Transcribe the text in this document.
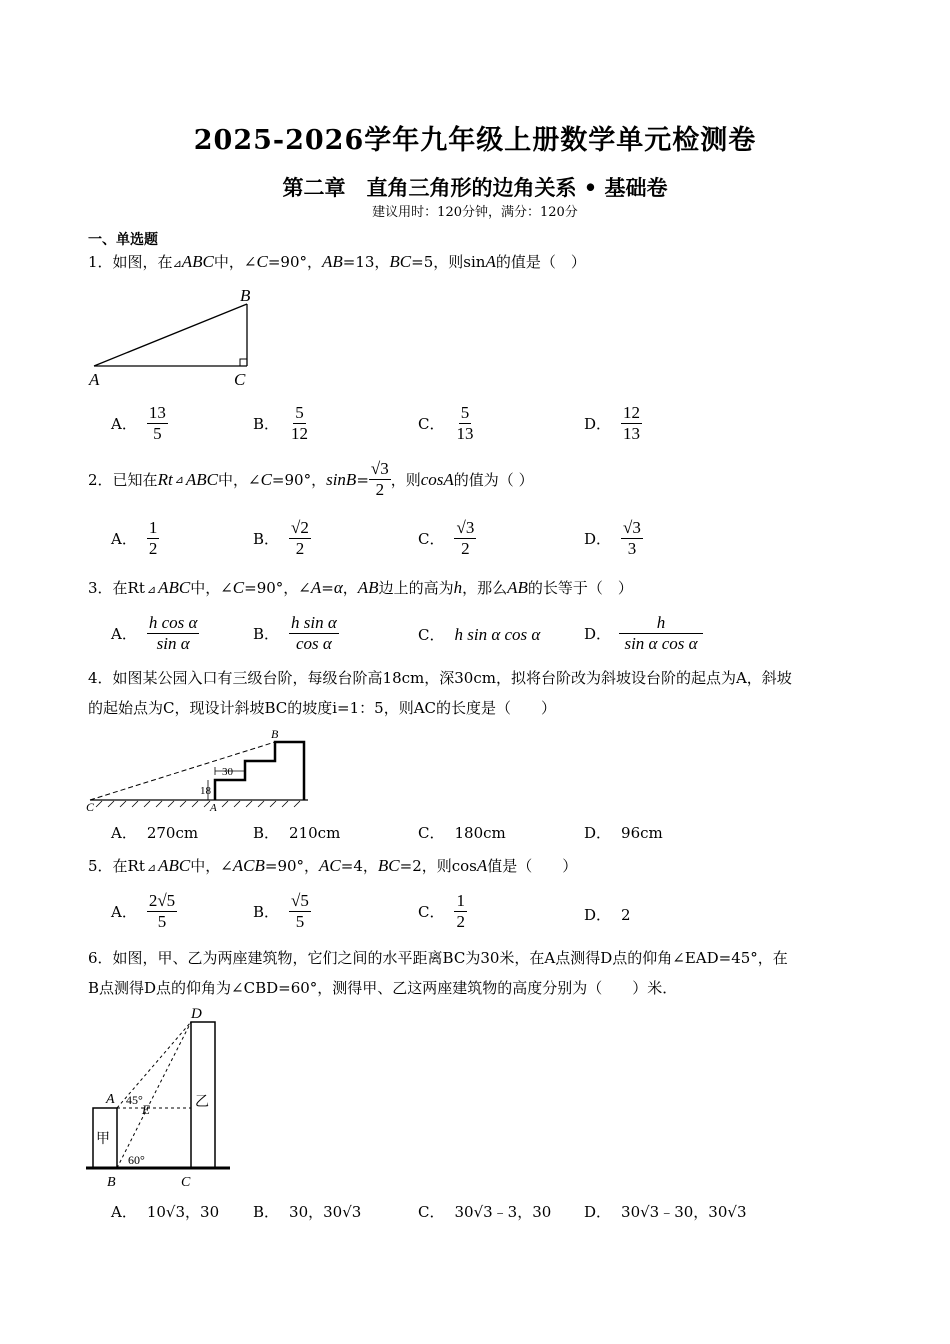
2025-2026学年九年级上册数学单元检测卷
第二章　直角三角形的边角关系 • 基础卷
建议用时：120分钟，满分：120分
一、单选题
1．如图，在⊿ABC中，∠C=90°，AB=13，BC=5，则sinA的值是（　）
A
B
C
A． $\frac{13}{5}$	B． $\frac{5}{12}$	C． $\frac{5}{13}$	D． $\frac{12}{13}$
2． 已知在 Rt ⊿ ABC 中，∠ C =90°， $\sin B = \frac{√3}{2}$ ，则 cosA 的值为（ ）
A． $\frac{1}{2}$	B． $\frac{√2}{2}$	C． $\frac{√3}{2}$	D． $\frac{√3}{3}$
3．在Rt ⊿ ABC中，∠C=90°，∠A=α，AB边上的高为h，那么AB的长等于（　）
A． $\frac{\text{h cos α}}{\text{sin α}}$	B． $\frac{\text{h sin α}}{\text{cos α}}$	C． h sin α cos α	D． $\frac{h}{\text{sin α cos α}}$
4．如图某公园入口有三级台阶，每级台阶高18cm，深30cm，拟将台阶改为斜坡设台阶的起点为A，斜坡
的起始点为C，现设计斜坡BC的坡度i=1：5，则AC的长度是（　　）
30
18
B
C	A
A． 270cm	B． 210cm	C． 180cm	D． 96cm
5．在Rt ⊿ ABC中，∠ACB=90°，AC=4，BC=2，则cosA值是（　　）
A． $\frac{2√5}{5}$	B． $\frac{√5}{5}$	C． $\frac{1}{2}$	D． 2
6．如图，甲、乙为两座建筑物，它们之间的水平距离BC为30米，在A点测得D点的仰角∠EAD=45°，在
B点测得D点的仰角为∠CBD=60°，测得甲、乙这两座建筑物的高度分别为（　　）米．
D
A
E
B	C
甲
乙
45°
60°
A． 10√3，30 B． 30，30√3	C． 30√3﹣3，30 D． 30√3﹣30，30√3
